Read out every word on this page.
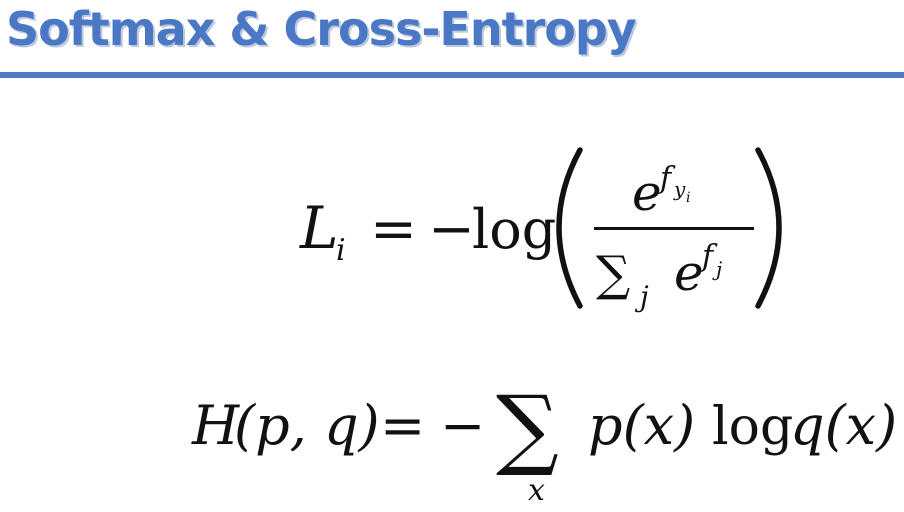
Softmax & Cross-Entropy
L
i = −
log
e
f y i
∑ j e
f j
H
(p, q) = − ∑
x
p(x) log
q(x)
